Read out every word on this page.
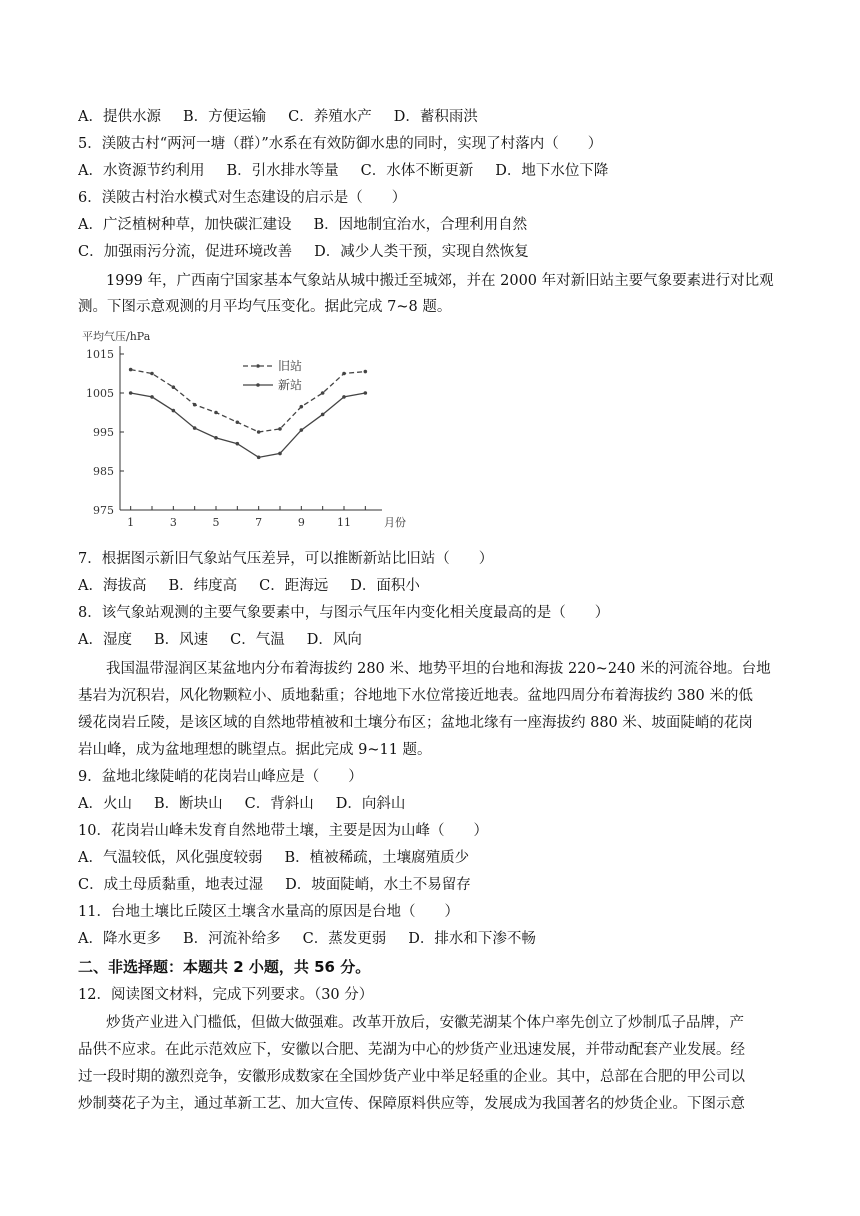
A．提供水源 B．方便运输 C．养殖水产 D．蓄积雨洪
5．渼陂古村“两河一塘（群）”水系在有效防御水患的同时，实现了村落内（　　）
A．水资源节约利用 B．引水排水等量 C．水体不断更新 D．地下水位下降
6．渼陂古村治水模式对生态建设的启示是（　　）
A．广泛植树种草，加快碳汇建设 B．因地制宜治水，合理利用自然
C．加强雨污分流，促进环境改善 D．减少人类干预，实现自然恢复
1999 年，广西南宁国家基本气象站从城中搬迁至城郊，并在 2000 年对新旧站主要气象要素进行对比观
测。下图示意观测的月平均气压变化。据此完成 7~8 题。
平均气压/hPa
975
985
995
1005
1015
1	3	5	7	9	11	月份
旧站
新站
7．根据图示新旧气象站气压差异，可以推断新站比旧站（　　）
A．海拔高 B．纬度高 C．距海远 D．面积小
8．该气象站观测的主要气象要素中，与图示气压年内变化相关度最高的是（　　）
A．湿度 B．风速 C．气温 D．风向
我国温带湿润区某盆地内分布着海拔约 280 米、地势平坦的台地和海拔 220~240 米的河流谷地。台地
基岩为沉积岩，风化物颗粒小、质地黏重；谷地地下水位常接近地表。盆地四周分布着海拔约 380 米的低
缓花岗岩丘陵，是该区域的自然地带植被和土壤分布区；盆地北缘有一座海拔约 880 米、坡面陡峭的花岗
岩山峰，成为盆地理想的眺望点。据此完成 9~11 题。
9．盆地北缘陡峭的花岗岩山峰应是（　　）
A．火山 B．断块山 C．背斜山 D．向斜山
10．花岗岩山峰未发育自然地带土壤，主要是因为山峰（　　）
A．气温较低，风化强度较弱 B．植被稀疏，土壤腐殖质少
C．成土母质黏重，地表过湿 D．坡面陡峭，水土不易留存
11．台地土壤比丘陵区土壤含水量高的原因是台地（　　）
A．降水更多 B．河流补给多 C．蒸发更弱 D．排水和下渗不畅
二、非选择题：本题共 2 小题，共 56 分。
12．阅读图文材料，完成下列要求。（30 分）
炒货产业进入门槛低，但做大做强难。改革开放后，安徽芜湖某个体户率先创立了炒制瓜子品牌，产
品供不应求。在此示范效应下，安徽以合肥、芜湖为中心的炒货产业迅速发展，并带动配套产业发展。经
过一段时期的激烈竞争，安徽形成数家在全国炒货产业中举足轻重的企业。其中，总部在合肥的甲公司以
炒制葵花子为主，通过革新工艺、加大宣传、保障原料供应等，发展成为我国著名的炒货企业。下图示意
